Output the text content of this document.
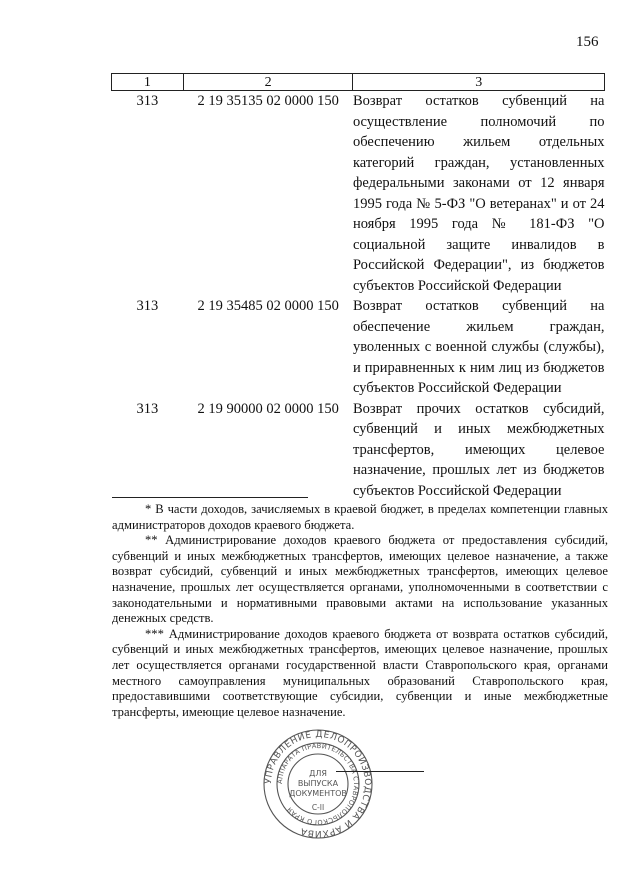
156
1	2	3
313	2 19 35135 02 0000 150	Возврат остатков субвенций на осуществление полномочий по обеспечению жильем отдельных категорий граждан, установленных федеральными законами от 12 января 1995 года № 5-ФЗ "О ветеранах" и от 24 ноября 1995 года № 181-ФЗ "О социальной защите инвалидов в Российской Федерации", из бюджетов субъектов Российской Федерации
313	2 19 35485 02 0000 150	Возврат остатков субвенций на обеспечение жильем граждан, уволенных с военной службы (службы), и приравненных к ним лиц из бюджетов субъектов Российской Федерации
313	2 19 90000 02 0000 150	Возврат прочих остатков субсидий, субвенций и иных межбюджетных трансфертов, имеющих целевое назначение, прошлых лет из бюджетов субъектов Российской Федерации

* В части доходов, зачисляемых в краевой бюджет, в пределах компетенции главных администраторов доходов краевого бюджета.

** Администрирование доходов краевого бюджета от предоставления субсидий, субвенций и иных межбюджетных трансфертов, имеющих целевое назначение, а также возврат субсидий, субвенций и иных межбюджетных трансфертов, имеющих целевое назначение, прошлых лет осуществляется органами, уполномоченными в соответствии с законодательными и нормативными правовыми актами на использование указанных денежных средств.

*** Администрирование доходов краевого бюджета от возврата остатков субсидий, субвенций и иных межбюджетных трансфертов, имеющих целевое назначение, прошлых лет осуществляется органами государственной власти Ставропольского края, органами местного самоуправления муниципальных образований Ставропольского края, предоставившими соответствующие субсидии, субвенции и иные межбюджетные трансферты, имеющие целевое назначение.

УПРАВЛЕНИЕ ДЕЛОПРОИЗВОДСТВА И АРХИВА
АППАРАТА ПРАВИТЕЛЬСТВА СТАВРОПОЛЬСКОГО КРАЯ
ДЛЯ
ВЫПУСКА
ДОКУМЕНТОВ
С-II
